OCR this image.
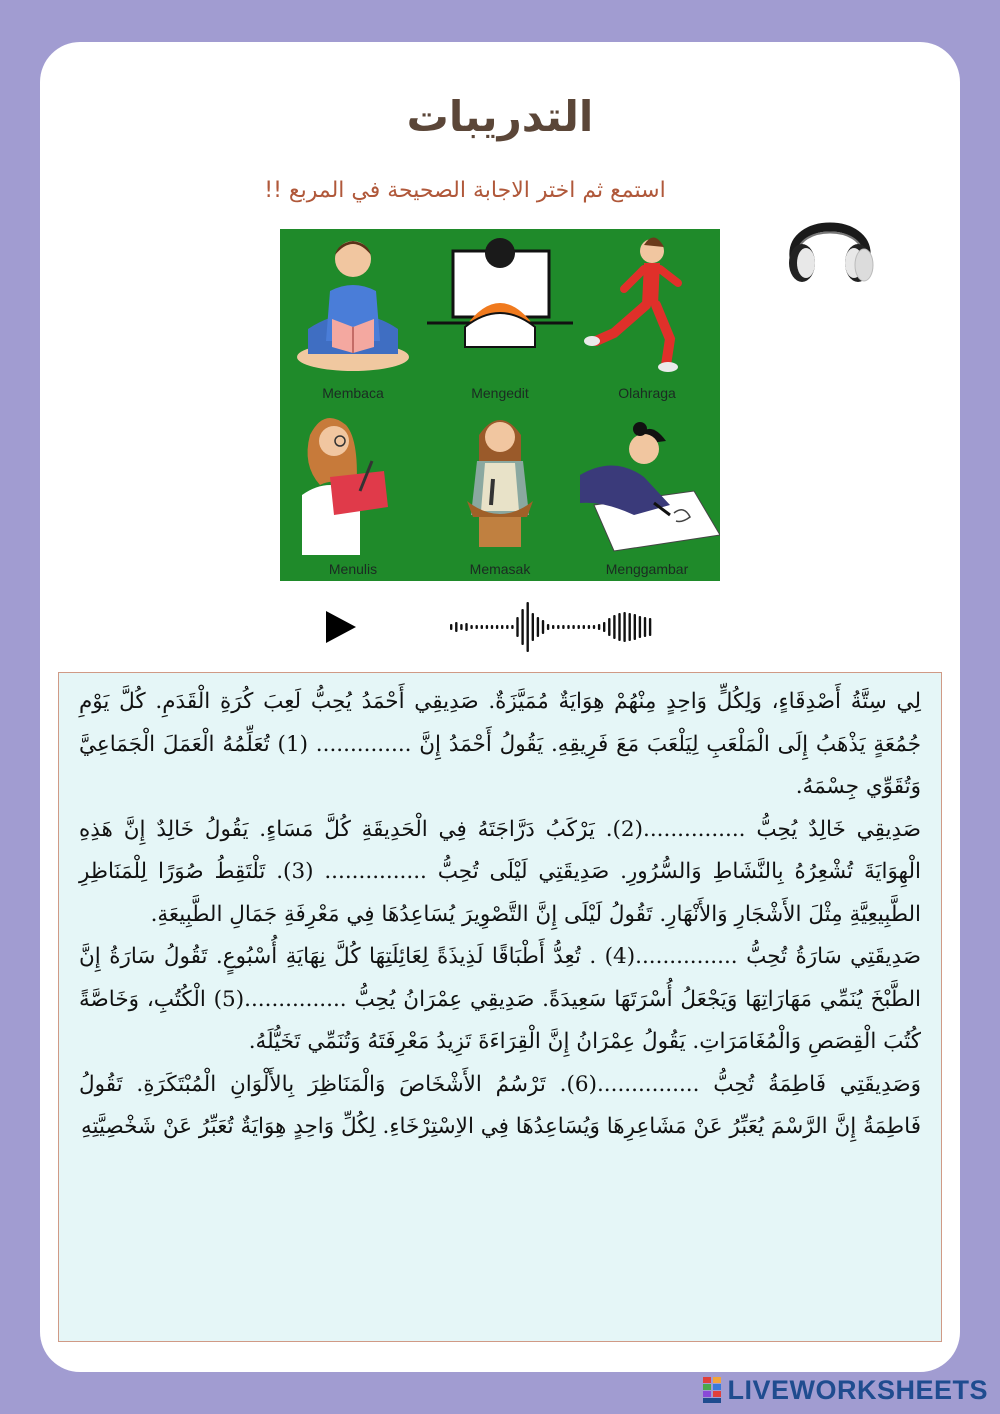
التدريبات
استمع ثم اختر الاجابة الصحيحة في المربع !!
Membaca	Mengedit	Olahraga
Menulis	Memasak	Menggambar

لِي سِتَّةُ أَصْدِقَاءٍ، وَلِكُلٍّ وَاحِدٍ مِنْهُمْ هِوَايَةٌ مُمَيَّزَةٌ. صَدِيقِي أَحْمَدُ يُحِبُّ لَعِبَ كُرَةِ الْقَدَمِ. كُلَّ يَوْمِ جُمُعَةٍ يَذْهَبُ إِلَى الْمَلْعَبِ لِيَلْعَبَ مَعَ فَرِيقِهِ. يَقُولُ أَحْمَدُ إِنَّ .............. (1) تُعَلِّمُهُ الْعَمَلَ الْجَمَاعِيَّ وَتُقَوِّي جِسْمَهُ.

صَدِيقِي خَالِدٌ يُحِبُّ ...............(2). يَرْكَبُ دَرَّاجَتَهُ فِي الْحَدِيقَةِ كُلَّ مَسَاءٍ. يَقُولُ خَالِدٌ إِنَّ هَذِهِ الْهِوَايَةَ تُشْعِرُهُ بِالنَّشَاطِ وَالسُّرُورِ. صَدِيقَتِي لَيْلَى تُحِبُّ ............... (3). تَلْتَقِطُ صُوَرًا لِلْمَنَاظِرِ الطَّبِيعِيَّةِ مِثْلَ الأَشْجَارِ وَالأَنْهَارِ. تَقُولُ لَيْلَى إِنَّ التَّصْوِيرَ يُسَاعِدُهَا فِي مَعْرِفَةِ جَمَالِ الطَّبِيعَةِ.

صَدِيقَتِي سَارَةُ تُحِبُّ ...............(4) . تُعِدُّ أَطْبَاقًا لَذِيذَةً لِعَائِلَتِهَا كُلَّ نِهَايَةِ أُسْبُوعٍ. تَقُولُ سَارَةُ إِنَّ الطَّبْخَ يُنَمِّي مَهَارَاتِهَا وَيَجْعَلُ أُسْرَتَهَا سَعِيدَةً. صَدِيقِي عِمْرَانُ يُحِبُّ ...............(5) الْكُتُبِ، وَخَاصَّةً كُتُبَ الْقِصَصِ وَالْمُغَامَرَاتِ. يَقُولُ عِمْرَانُ إِنَّ الْقِرَاءَةَ تَزِيدُ مَعْرِفَتَهُ وَتُنَمِّي تَخَيُّلَهُ.

وَصَدِيقَتِي فَاطِمَةُ تُحِبُّ ...............(6). تَرْسُمُ الأَشْخَاصَ وَالْمَنَاظِرَ بِالأَلْوَانِ الْمُبْتَكَرَةِ. تَقُولُ فَاطِمَةُ إِنَّ الرَّسْمَ يُعَبِّرُ عَنْ مَشَاعِرِهَا وَيُسَاعِدُهَا فِي الاِسْتِرْخَاءِ. لِكُلِّ وَاحِدٍ هِوَايَةٌ تُعَبِّرُ عَنْ شَخْصِيَّتِهِ

LIVEWORKSHEETS
